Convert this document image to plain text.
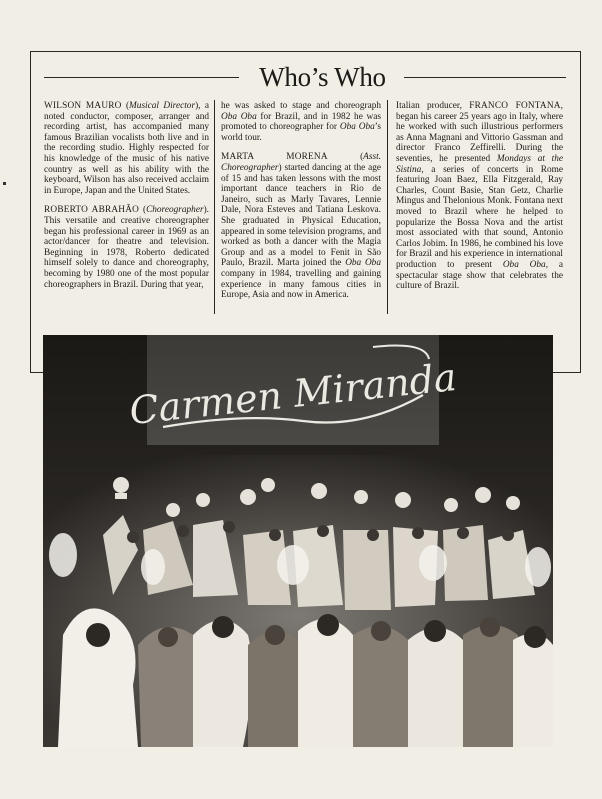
Who’s Who

WILSON MAURO (Musical Director), a noted conductor, composer, arranger and recording artist, has accompanied many famous Brazilian vocalists both live and in the recording studio. Highly respected for his knowledge of the music of his native country as well as his ability with the keyboard, Wilson has also received acclaim in Europe, Japan and the United States.

ROBERTO ABRAHÃO (Choreographer). This versatile and creative choreographer began his professional career in 1969 as an actor/dancer for theatre and television. Beginning in 1978, Roberto dedicated himself solely to dance and choreography, becoming by 1980 one of the most popular choreographers in Brazil. During that year,

he was asked to stage and choreograph Oba Oba for Brazil, and in 1982 he was promoted to choreographer for Oba Oba’s world tour.

MARTA MORENA (Asst. Choreographer) started dancing at the age of 15 and has taken lessons with the most important dance teachers in Rio de Janeiro, such as Marly Tavares, Lennie Dale, Nora Esteves and Tatiana Leskova. She graduated in Physical Education, appeared in some television programs, and worked as both a dancer with the Magia Group and as a model to Fenit in São Paulo, Brazil. Marta joined the Oba Oba company in 1984, travelling and gaining experience in many famous cities in Europe, Asia and now in America.

Italian producer, FRANCO FONTANA, began his career 25 years ago in Italy, where he worked with such illustrious performers as Anna Magnani and Vittorio Gassman and director Franco Zeffirelli. During the seventies, he presented Mondays at the Sistina, a series of concerts in Rome featuring Joan Baez, Ella Fitzgerald, Ray Charles, Count Basie, Stan Getz, Charlie Mingus and Thelonious Monk. Fontana next moved to Brazil where he helped to popularize the Bossa Nova and the artist most associated with that sound, Antonio Carlos Jobim. In 1986, he combined his love for Brazil and his experience in international production to present Oba Oba, a spectacular stage show that celebrates the culture of Brazil.

Carmen Miranda
